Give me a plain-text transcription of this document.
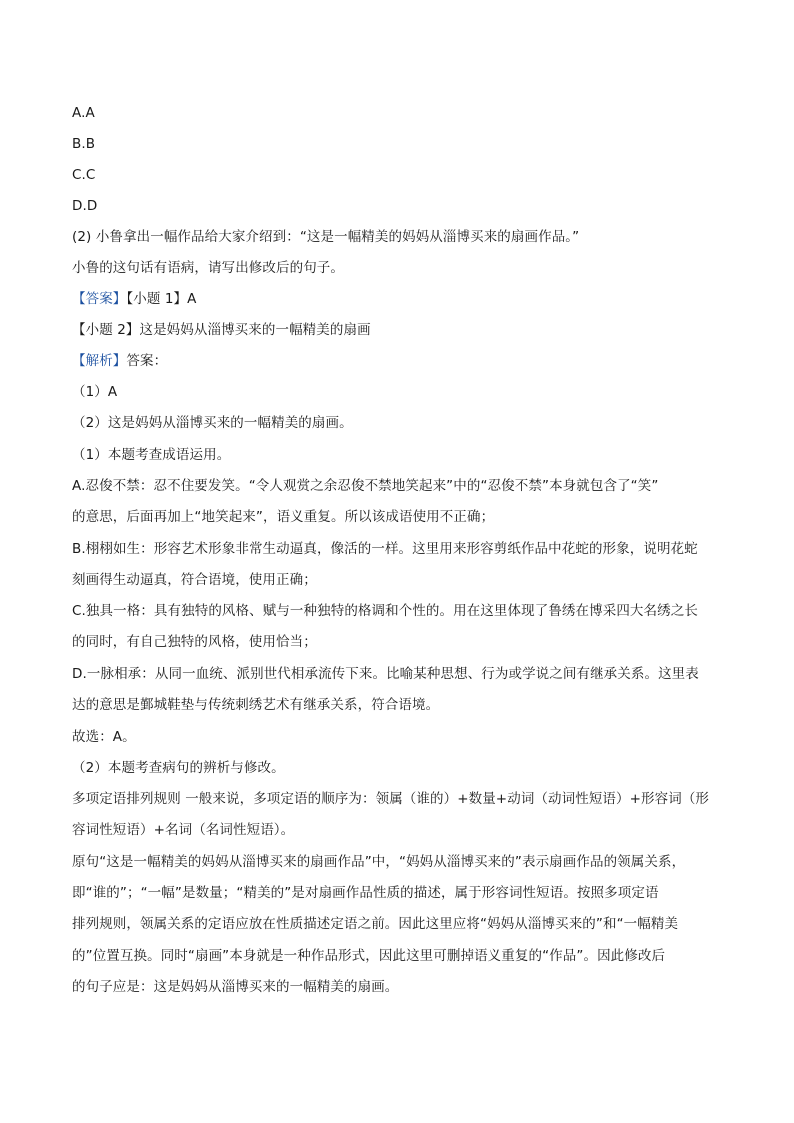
A.A
B.B
C.C
D.D
(2) 小鲁拿出一幅作品给大家介绍到：“这是一幅精美的妈妈从淄博买来的扇画作品。”
小鲁的这句话有语病，请写出修改后的句子。
【答案】【小题 1】A
【小题 2】这是妈妈从淄博买来的一幅精美的扇画
【解析】答案：
（1）A
（2）这是妈妈从淄博买来的一幅精美的扇画。
（1）本题考查成语运用。
A.忍俊不禁：忍不住要发笑。“令人观赏之余忍俊不禁地笑起来”中的“忍俊不禁”本身就包含了“笑”
的意思，后面再加上“地笑起来”，语义重复。所以该成语使用不正确；
B.栩栩如生：形容艺术形象非常生动逼真，像活的一样。这里用来形容剪纸作品中花蛇的形象，说明花蛇
刻画得生动逼真，符合语境，使用正确；
C.独具一格：具有独特的风格、赋与一种独特的格调和个性的。用在这里体现了鲁绣在博采四大名绣之长
的同时，有自己独特的风格，使用恰当；
D.一脉相承：从同一血统、派别世代相承流传下来。比喻某种思想、行为或学说之间有继承关系。这里表
达的意思是鄞城鞋垫与传统刺绣艺术有继承关系，符合语境。
故选：A。
（2）本题考查病句的辨析与修改。
多项定语排列规则 一般来说，多项定语的顺序为：领属（谁的）+数量+动词（动词性短语）+形容词（形
容词性短语）+名词（名词性短语）。
原句“这是一幅精美的妈妈从淄博买来的扇画作品”中，“妈妈从淄博买来的”表示扇画作品的领属关系，
即“谁的”；“一幅”是数量；“精美的”是对扇画作品性质的描述，属于形容词性短语。按照多项定语
排列规则，领属关系的定语应放在性质描述定语之前。因此这里应将“妈妈从淄博买来的”和“一幅精美
的”位置互换。同时“扇画”本身就是一种作品形式，因此这里可删掉语义重复的“作品”。因此修改后
的句子应是：这是妈妈从淄博买来的一幅精美的扇画。
